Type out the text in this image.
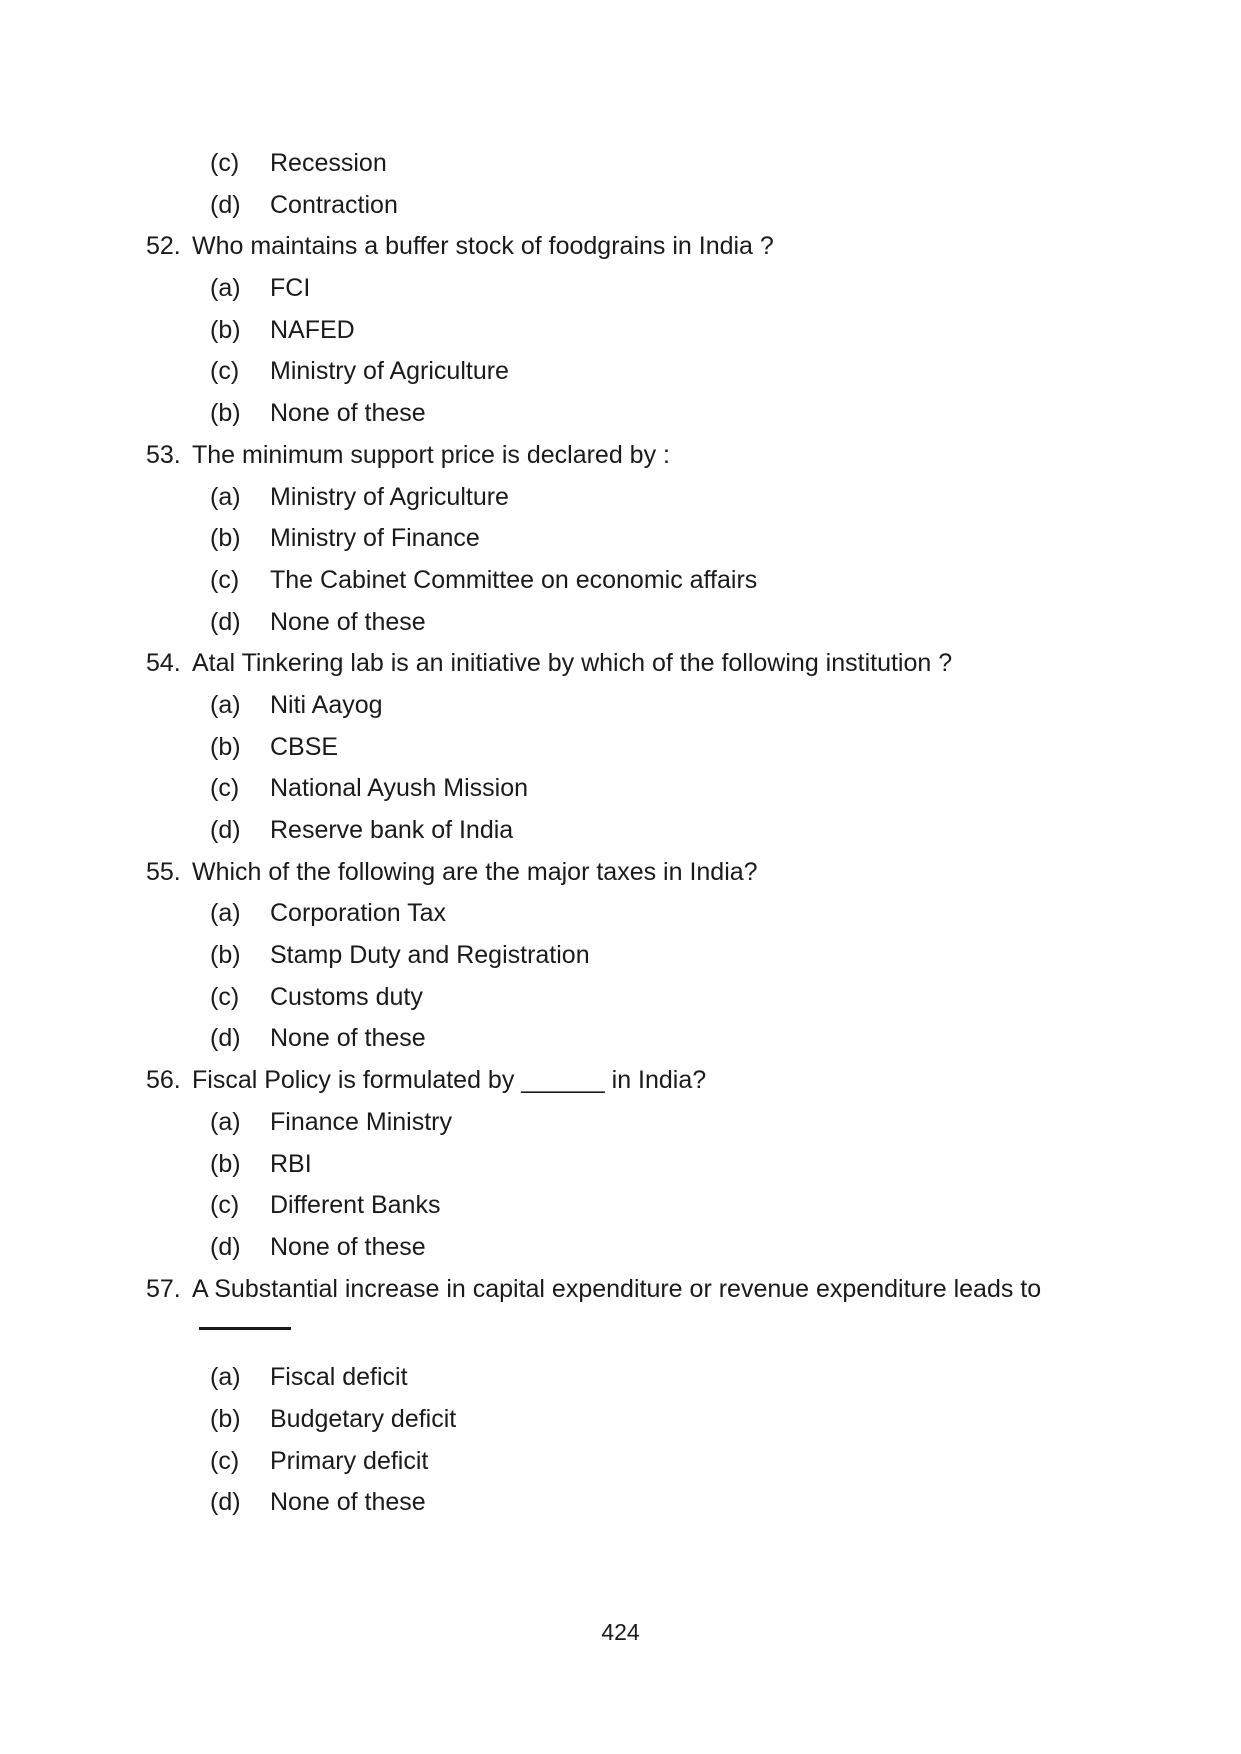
(c)	Recession
(d)	Contraction
52. Who maintains a buffer stock of foodgrains in India ?
(a)	FCI
(b)	NAFED
(c)	Ministry of Agriculture
(b)	None of these
53. The minimum support price is declared by :
(a)	Ministry of Agriculture
(b)	Ministry of Finance
(c)	The Cabinet Committee on economic affairs
(d)	None of these
54. Atal Tinkering lab is an initiative by which of the following institution ?
(a)	Niti Aayog
(b)	CBSE
(c)	National Ayush Mission
(d)	Reserve bank of India
55. Which of the following are the major taxes in India?
(a)	Corporation Tax
(b)	Stamp Duty and Registration
(c)	Customs duty
(d)	None of these
56. Fiscal Policy is formulated by ______ in India?
(a)	Finance Ministry
(b)	RBI
(c)	Different Banks
(d)	None of these
57. A Substantial increase in capital expenditure or revenue expenditure leads to
(a)	Fiscal deficit
(b)	Budgetary deficit
(c)	Primary deficit
(d)	None of these
424
